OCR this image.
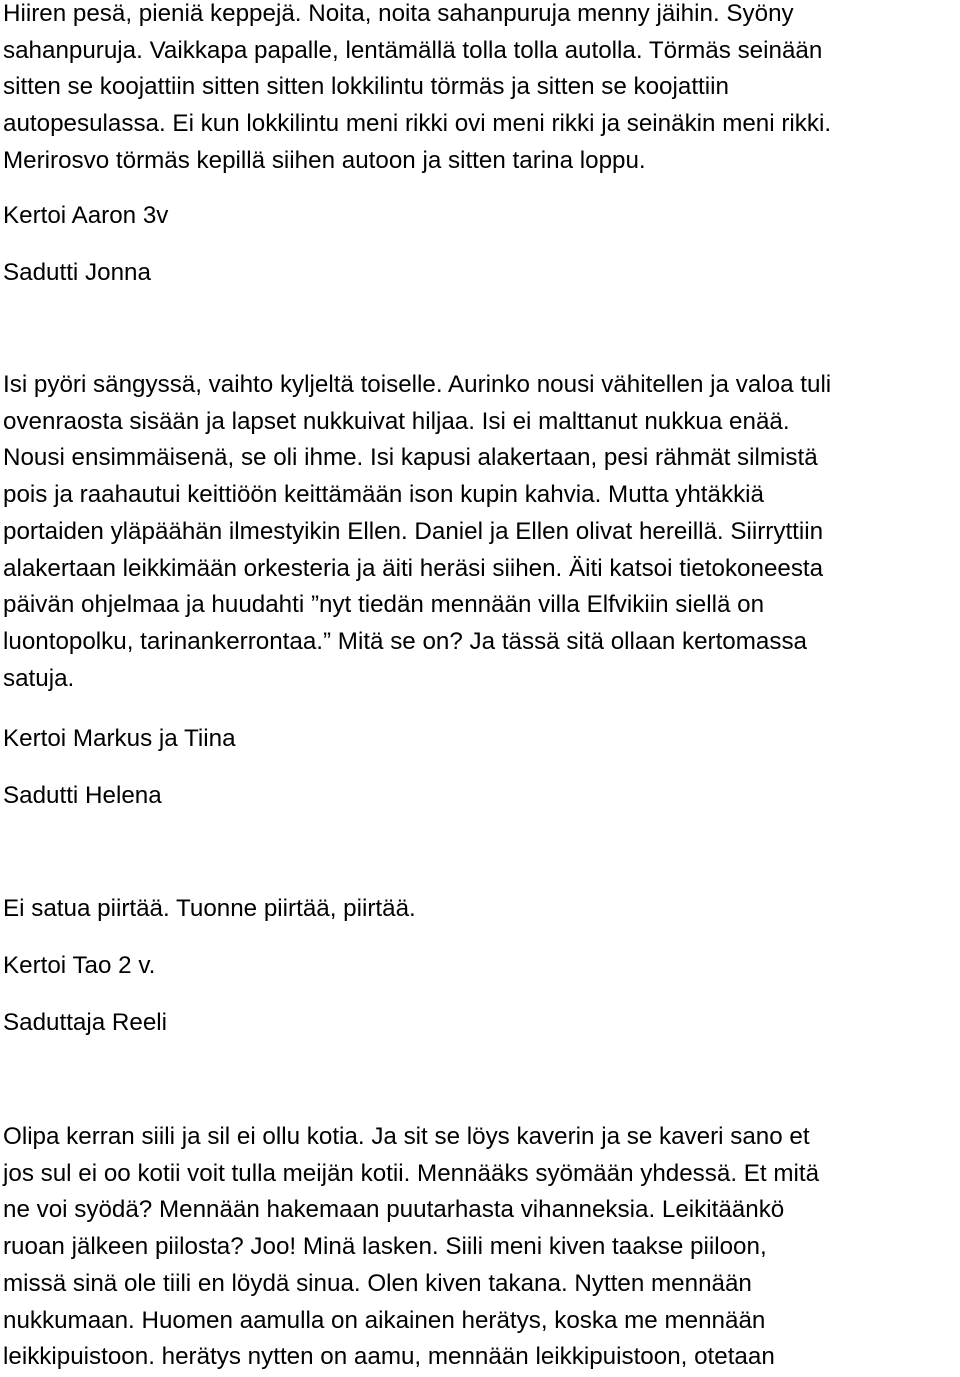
Hiiren pesä, pieniä keppejä. Noita, noita sahanpuruja menny jäihin. Syöny

sahanpuruja. Vaikkapa papalle, lentämällä tolla tolla autolla. Törmäs seinään

sitten se koojattiin sitten sitten lokkilintu törmäs ja sitten se koojattiin

autopesulassa. Ei kun lokkilintu meni rikki ovi meni rikki ja seinäkin meni rikki.

Merirosvo törmäs kepillä siihen autoon ja sitten tarina loppu.

Kertoi Aaron 3v

Sadutti Jonna

Isi pyöri sängyssä, vaihto kyljeltä toiselle. Aurinko nousi vähitellen ja valoa tuli

ovenraosta sisään ja lapset nukkuivat hiljaa. Isi ei malttanut nukkua enää.

Nousi ensimmäisenä, se oli ihme. Isi kapusi alakertaan, pesi rähmät silmistä

pois ja raahautui keittiöön keittämään ison kupin kahvia. Mutta yhtäkkiä

portaiden yläpäähän ilmestyikin Ellen. Daniel ja Ellen olivat hereillä. Siirryttiin

alakertaan leikkimään orkesteria ja äiti heräsi siihen. Äiti katsoi tietokoneesta

päivän ohjelmaa ja huudahti ”nyt tiedän mennään villa Elfvikiin siellä on

luontopolku, tarinankerrontaa.” Mitä se on? Ja tässä sitä ollaan kertomassa

satuja.

Kertoi Markus ja Tiina

Sadutti Helena

Ei satua piirtää. Tuonne piirtää, piirtää.

Kertoi Tao 2 v.

Saduttaja Reeli

Olipa kerran siili ja sil ei ollu kotia. Ja sit se löys kaverin ja se kaveri sano et

jos sul ei oo kotii voit tulla meijän kotii. Mennääks syömään yhdessä. Et mitä

ne voi syödä? Mennään hakemaan puutarhasta vihanneksia. Leikitäänkö

ruoan jälkeen piilosta? Joo! Minä lasken. Siili meni kiven taakse piiloon,

missä sinä ole tiili en löydä sinua. Olen kiven takana. Nytten mennään

nukkumaan. Huomen aamulla on aikainen herätys, koska me mennään

leikkipuistoon. herätys nytten on aamu, mennään leikkipuistoon, otetaan
